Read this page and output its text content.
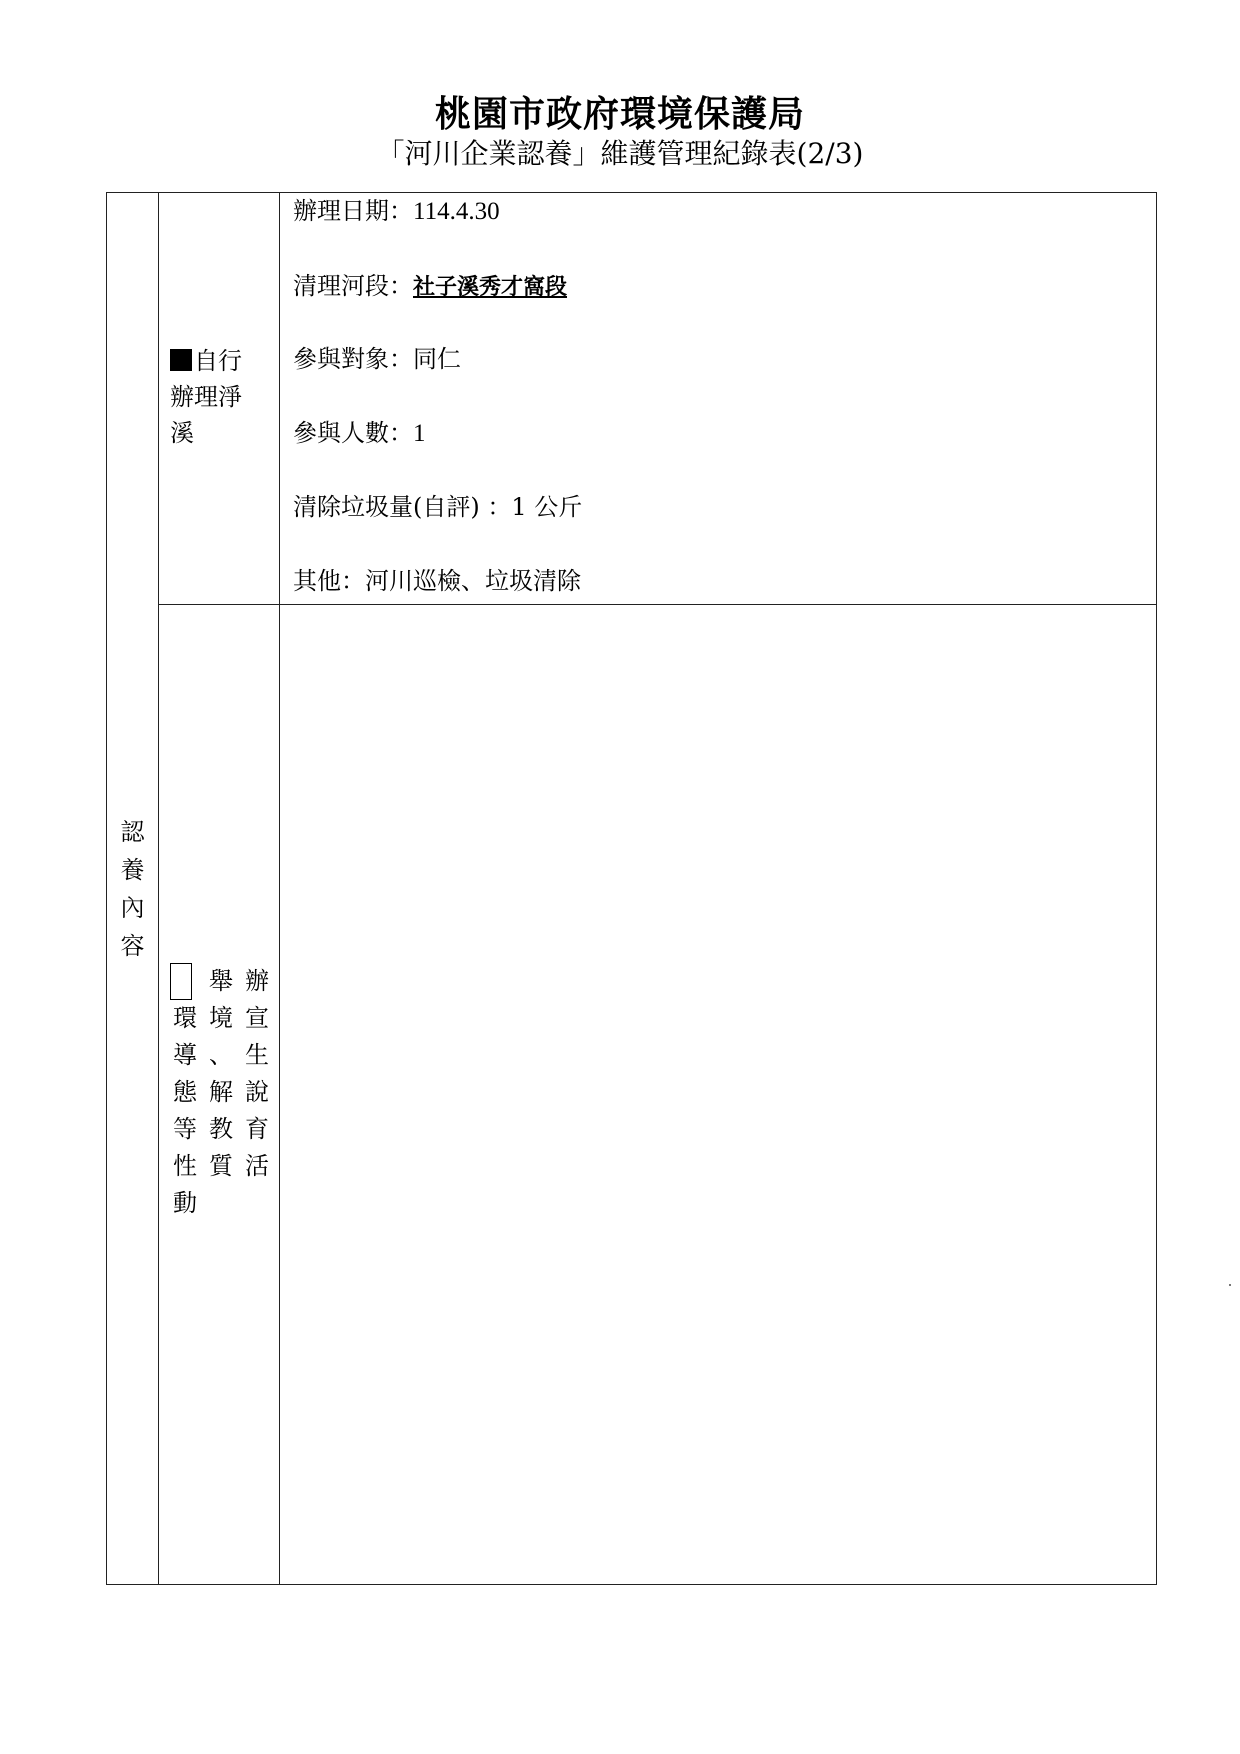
桃園市政府環境保護局
「河川企業認養」維護管理紀錄表(2/3)
認
養
內
容
自行
辦理淨
溪
辦理日期：114.4.30
清理河段：社子溪秀才窩段
參與對象：同仁
參與人數：1
清除垃圾量(自評) ：1 公斤
其他：河川巡檢、垃圾清除
環
導
態
等
性
動
舉
境
、
解
教
質
辦
宣
生
說
育
活
